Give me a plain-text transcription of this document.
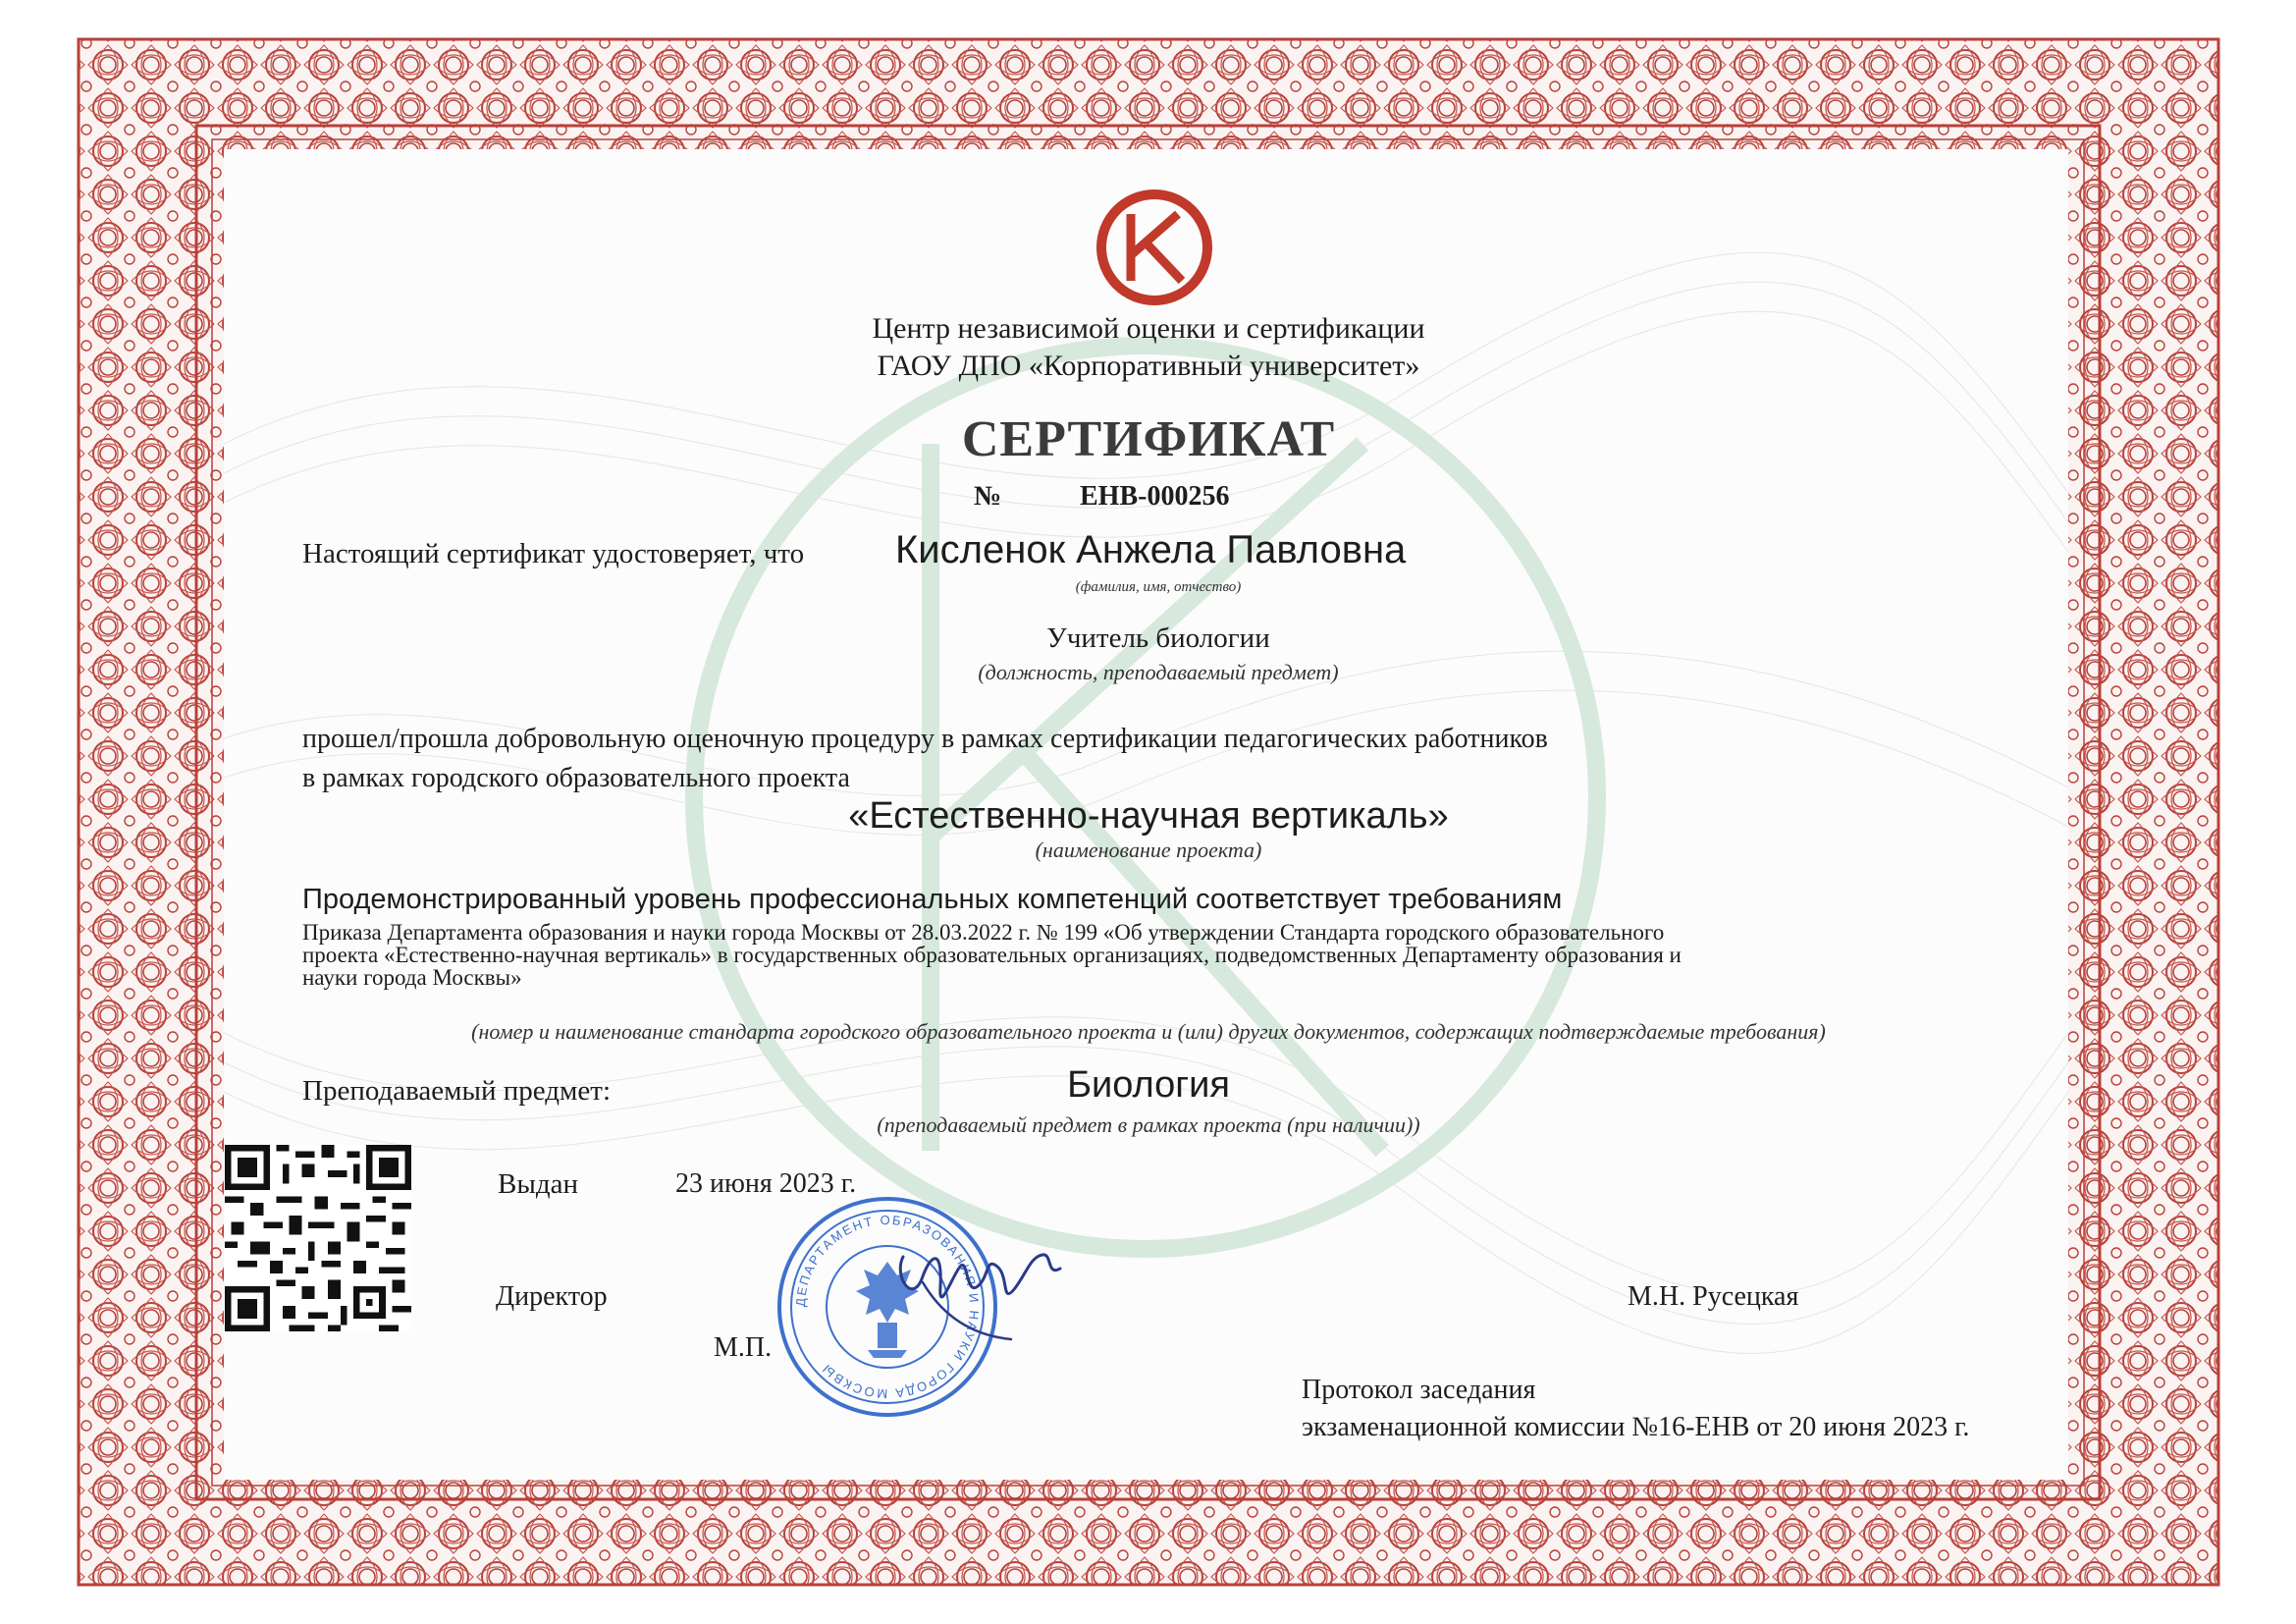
Центр независимой оценки и сертификации
ГАОУ ДПО «Корпоративный университет»
СЕРТИФИКАТ
№	ЕНВ-000256
Настоящий сертификат удостоверяет, что Кисленок Анжела Павловна
(фамилия, имя, отчество)
Учитель биологии
(должность, преподаваемый предмет)
прошел/прошла добровольную оценочную процедуру в рамках сертификации педагогических работников
в рамках городского образовательного проекта
«Естественно-научная вертикаль»
(наименование проекта)
Продемонстрированный уровень профессиональных компетенций соответствует требованиям
Приказа Департамента образования и науки города Москвы от 28.03.2022 г. № 199 «Об утверждении Стандарта городского образовательного
проекта «Естественно-научная вертикаль» в государственных образовательных организациях, подведомственных Департаменту образования и
науки города Москвы»
(номер и наименование стандарта городского образовательного проекта и (или) других документов, содержащих подтверждаемые требования)
Преподаваемый предмет:	Биология
(преподаваемый предмет в рамках проекта (при наличии))
Выдан	23 июня 2023 г.
Директор
М.П.
М.Н. Русецкая
Протокол заседания
экзаменационной комиссии №16-ЕНВ от 20 июня 2023 г.
ДЕПАРТАМЕНТ ОБРАЗОВАНИЯ И НАУКИ ГОРОДА МОСКВЫ
